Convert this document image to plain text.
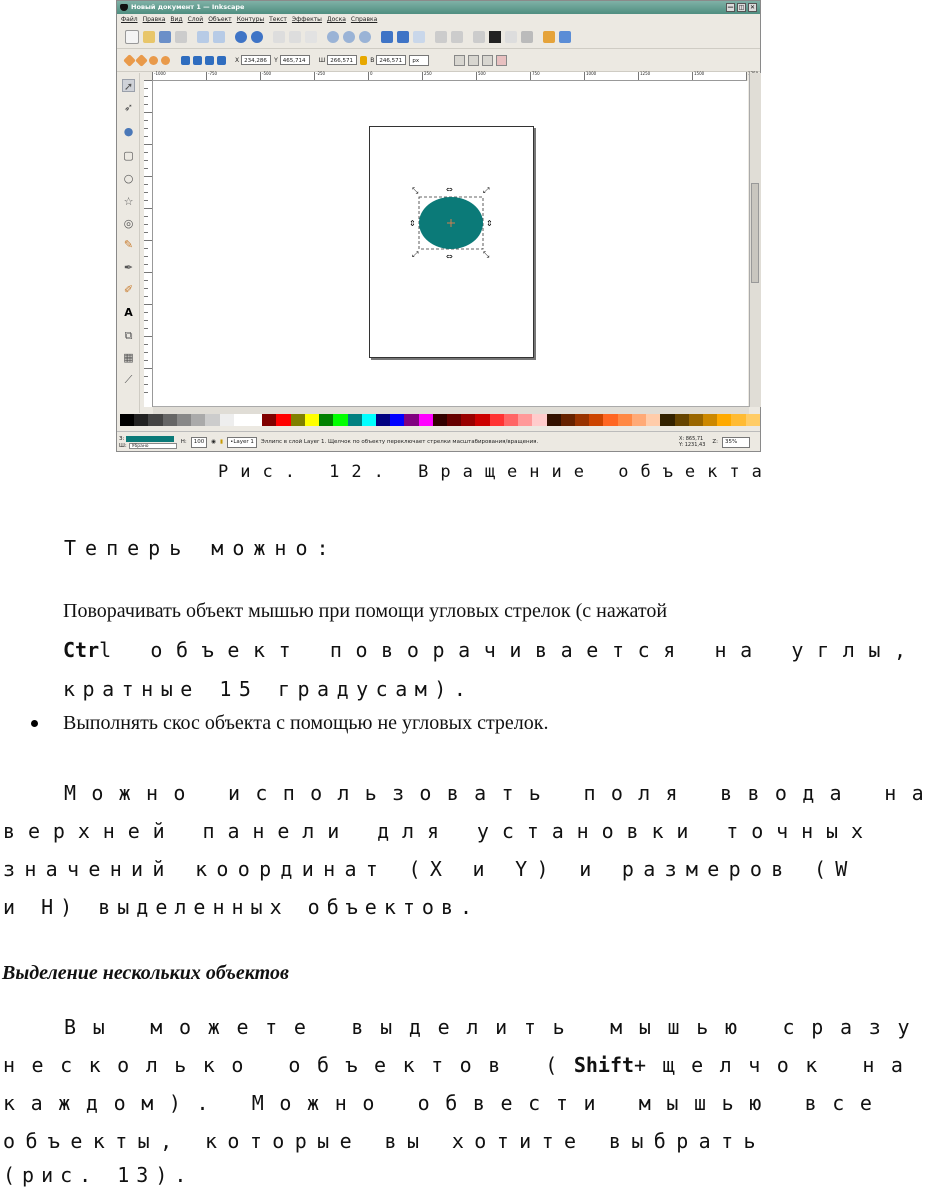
Новый документ 1 — Inkscape	— ◫ ✕
Файл Правка Вид Слой Объект Контуры Текст Эффекты Доска Справка
X 234,286	Y 465,714	Ш 266,571	В 246,571	px
➚
➶
●
▢
○
☆
◎
✎
✒
✐
A
⧉
▦
⟋
-1000	-750	-500	-250	0	250	500	750	1000	1250	1500
⤡	⇔	⤢
⇕	⇕
⤢	⇔	⤡
З:
Ш:	Убрано
Н:	100	◉ ▮	•Layer 1	Эллипс в слой Layer 1. Щелчок по объекту переключает стрелки масштабирования/вращения.	X: 865,71
Y: 1231,43 Z:	35%
Рис. 12. Вращение объекта
Теперь можно:
Поворачивать объект мышью при помощи угловых стрелок (с нажатой
Ctrl объект поворачивается на углы,
кратные 15 градусам).
Выполнять скос объекта с помощью не угловых стрелок.
Можно использовать поля ввода на
верхней панели для установки точных
значений координат (X и Y) и размеров (W
и H) выделенных объектов.
Выделение нескольких объектов
Вы можете выделить мышью сразу
несколько объектов (Shift+щелчок на
каждом). Можно обвести мышью все
объекты, которые вы хотите выбрать
(рис. 13).
